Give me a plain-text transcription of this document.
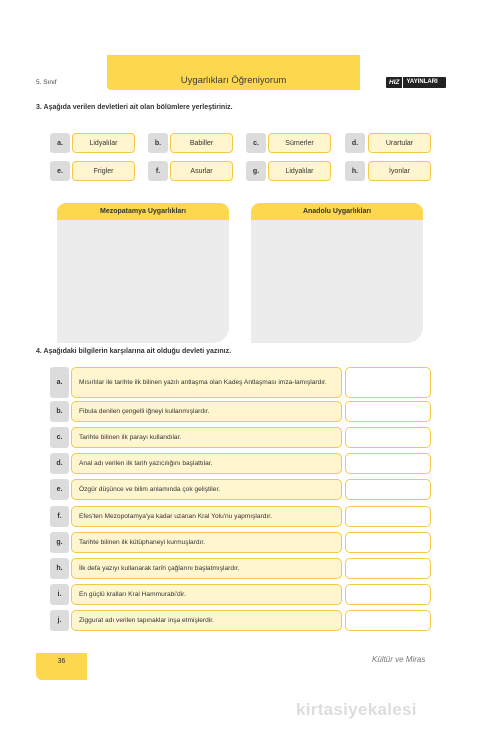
5. Sınıf	Uygarlıkları Öğreniyorum	HIZ	YAYINLARI
3. Aşağıda verilen devletleri ait olan bölümlere yerleştiriniz.
a.	Lidyalılar	b.	Babiller	c.	Sümerler	d.	Urartular
e.	Frigler	f.	Asurlar	g.	Lidyalılar	h.	İyonlar
Mezopatamya Uygarlıkları	Anadolu Uygarlıkları
4. Aşağıdaki bilgilerin karşılarına ait olduğu devleti yazınız.
a.	Mısırlılar ile tarihte ilk bilinen yazılı antlaşma olan Kadeş Antlaşması imza-lamışlardır.
b.	Fibula denilen çengelli iğneyi kullanmışlardır.
c.	Tarihte bilinen ilk parayı kullandılar.
d.	Anal adı verilen ilk tarih yazıcılığını başlattılar.
e.	Özgür düşünce ve bilim anlamında çok geliştiler.
f.	Efes'ten Mezopotamya'ya kadar uzanan Kral Yolu'nu yapmışlardır.
g.	Tarihte bilinen ilk kütüphaneyi kurmuşlardır.
h.	İlk defa yazıyı kullanarak tarih çağlarını başlatmışlardır.
i.	En güçlü kralları Kral Hammurabi'dir.
j.	Ziggurat adı verilen tapınaklar inşa etmişlerdir.
36	Kültür ve Miras
kirtasiyekalesi
